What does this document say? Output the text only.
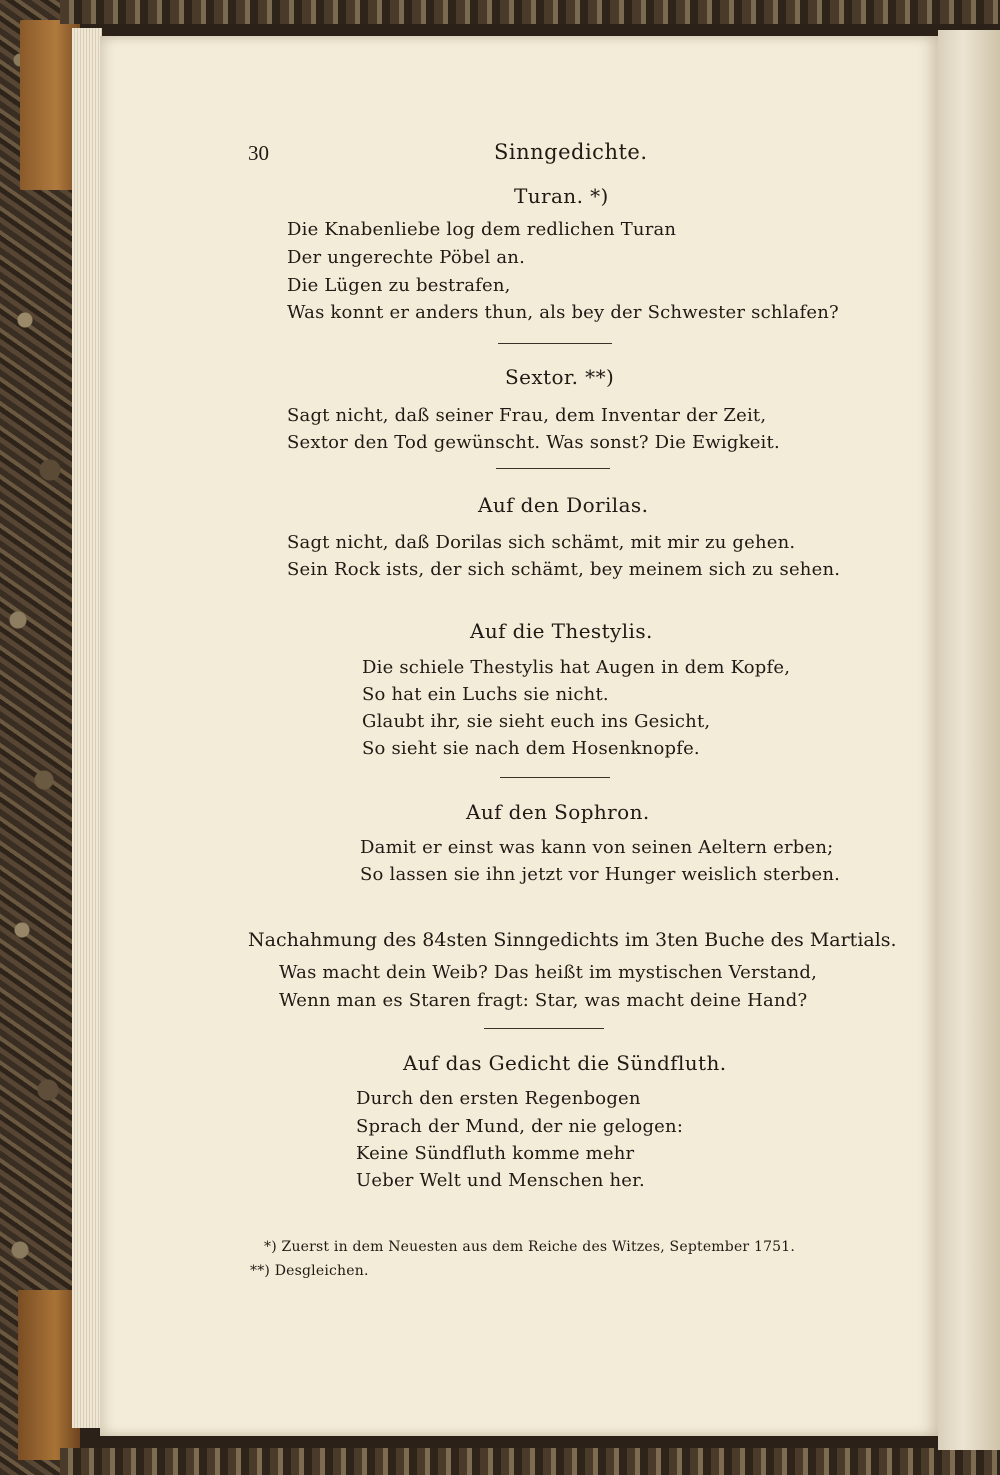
30	Sinngedichte.

Turan. *)

Die Knabenliebe log dem redlichen Turan

Der ungerechte Pöbel an.

Die Lügen zu bestrafen,

Was konnt er anders thun, als bey der Schwester schlafen?

Sextor. **)

Sagt nicht, daß seiner Frau, dem Inventar der Zeit,

Sextor den Tod gewünscht. Was sonst? Die Ewigkeit.

Auf den Dorilas.

Sagt nicht, daß Dorilas sich schämt, mit mir zu gehen.

Sein Rock ists, der sich schämt, bey meinem sich zu sehen.

Auf die Thestylis.

Die schiele Thestylis hat Augen in dem Kopfe,

So hat ein Luchs sie nicht.

Glaubt ihr, sie sieht euch ins Gesicht,

So sieht sie nach dem Hosenknopfe.

Auf den Sophron.

Damit er einst was kann von seinen Aeltern erben;

So lassen sie ihn jetzt vor Hunger weislich sterben.

Nachahmung des 84sten Sinngedichts im 3ten Buche des Martials.

Was macht dein Weib? Das heißt im mystischen Verstand,

Wenn man es Staren fragt: Star, was macht deine Hand?

Auf das Gedicht die Sündfluth.

Durch den ersten Regenbogen

Sprach der Mund, der nie gelogen:

Keine Sündfluth komme mehr

Ueber Welt und Menschen her.

*) Zuerst in dem Neuesten aus dem Reiche des Witzes, September 1751.

**) Desgleichen.
